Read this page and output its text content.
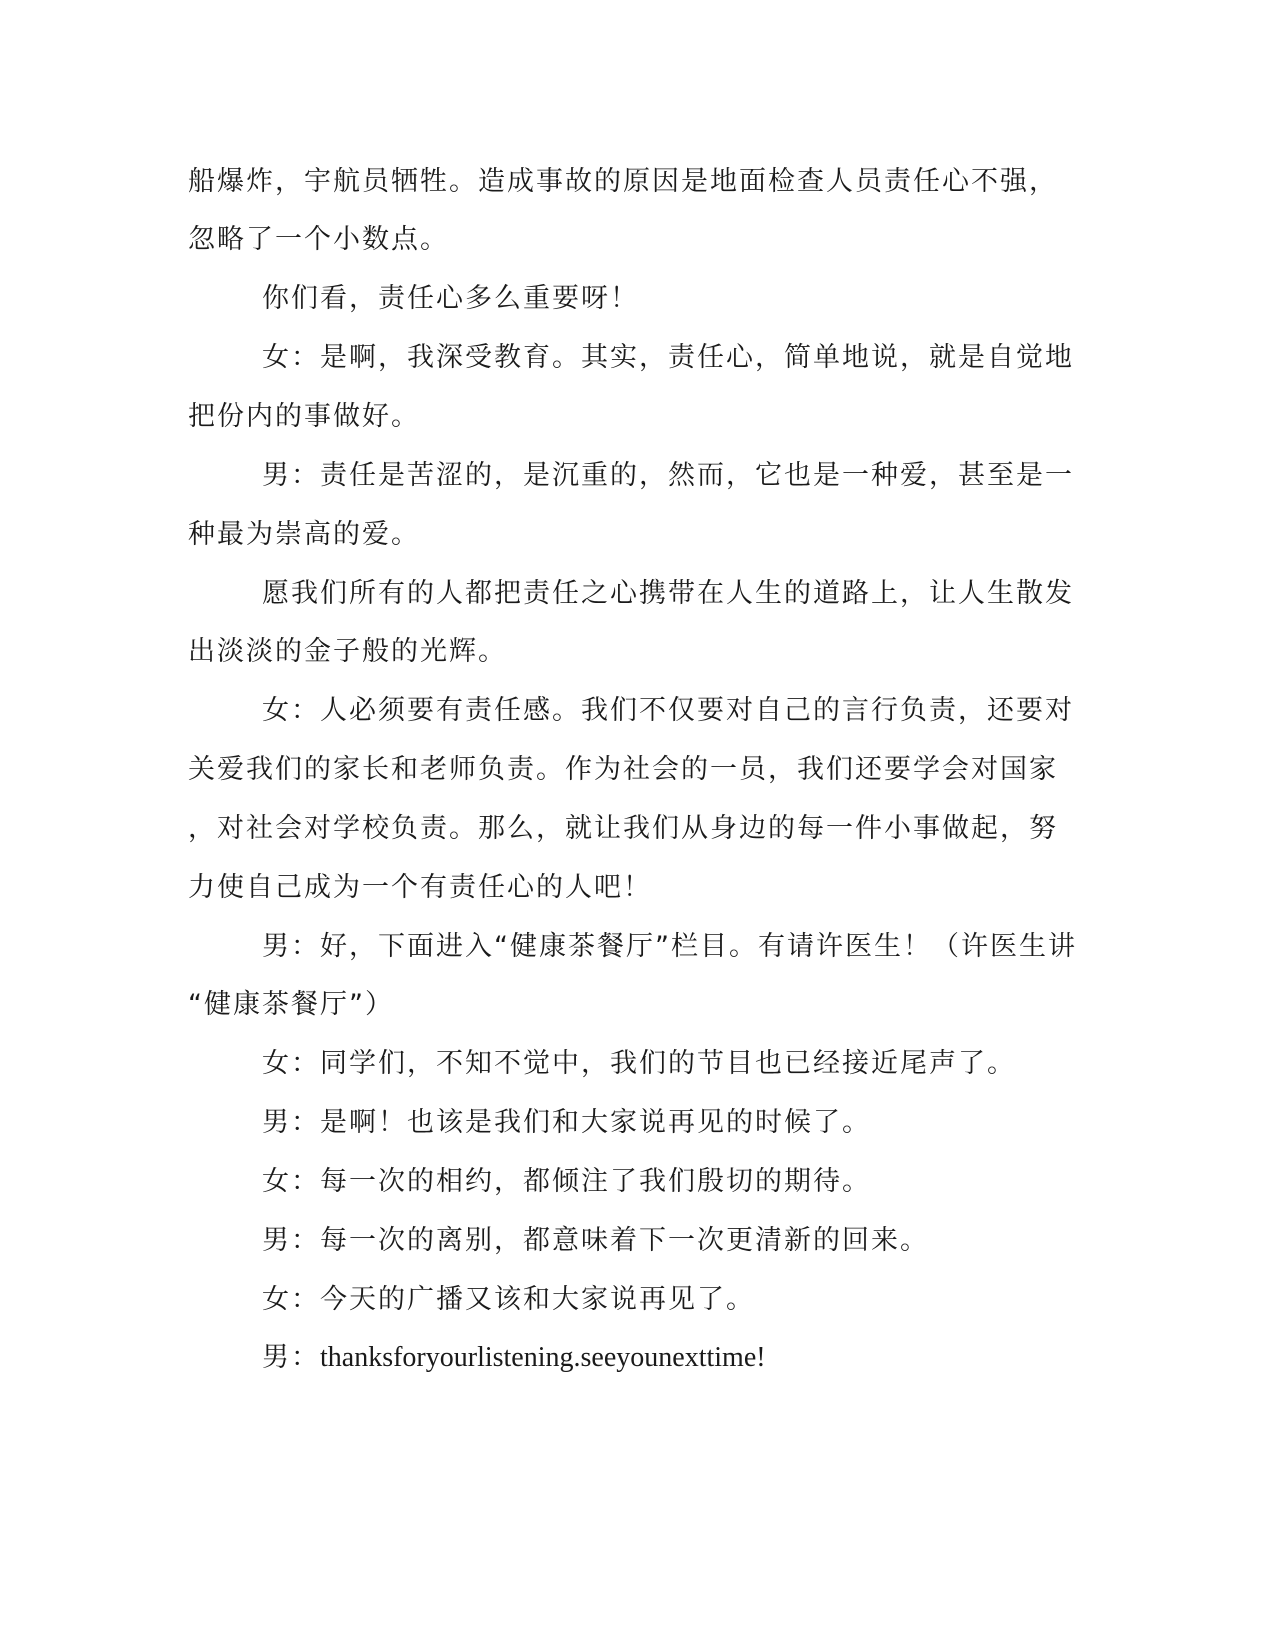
船爆炸，宇航员牺牲。造成事故的原因是地面检查人员责任心不强，

忽略了一个小数点。

你们看，责任心多么重要呀！

女：是啊，我深受教育。其实，责任心，简单地说，就是自觉地

把份内的事做好。

男：责任是苦涩的，是沉重的，然而，它也是一种爱，甚至是一

种最为崇高的爱。

愿我们所有的人都把责任之心携带在人生的道路上，让人生散发

出淡淡的金子般的光辉。

女：人必须要有责任感。我们不仅要对自己的言行负责，还要对

关爱我们的家长和老师负责。作为社会的一员，我们还要学会对国家

，对社会对学校负责。那么，就让我们从身边的每一件小事做起，努

力使自己成为一个有责任心的人吧！

男：好，下面进入“健康茶餐厅”栏目。有请许医生！（许医生讲

“健康茶餐厅”）

女：同学们，不知不觉中，我们的节目也已经接近尾声了。

男：是啊！也该是我们和大家说再见的时候了。

女：每一次的相约，都倾注了我们殷切的期待。

男：每一次的离别，都意味着下一次更清新的回来。

女：今天的广播又该和大家说再见了。

男：thanksforyourlistening.seeyounexttime!
